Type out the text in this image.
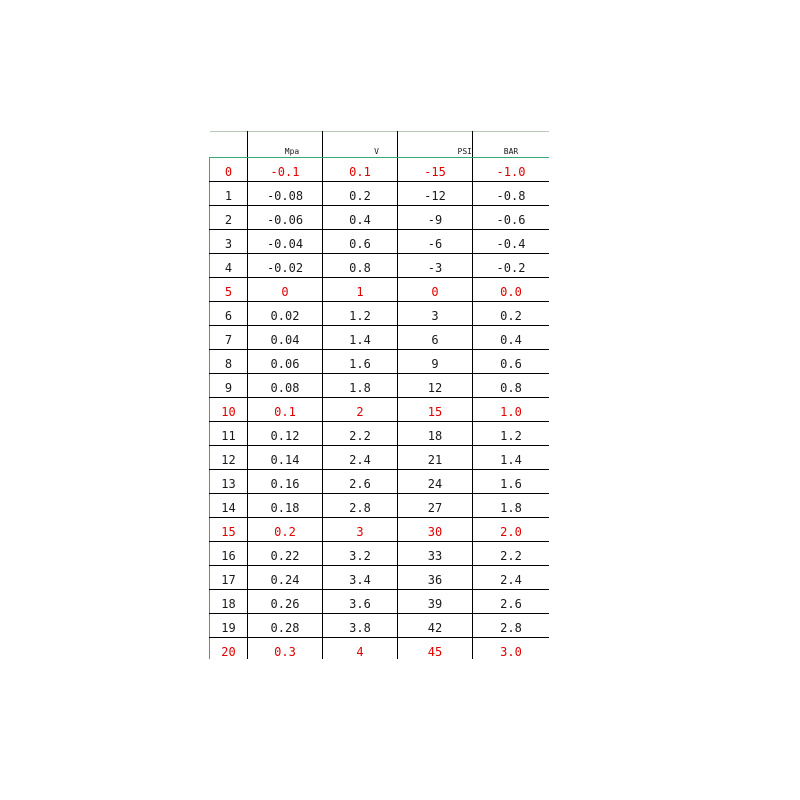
	Mpa	V	PSI	BAR
0	-0.1	0.1	-15	-1.0
1	-0.08	0.2	-12	-0.8
2	-0.06	0.4	-9	-0.6
3	-0.04	0.6	-6	-0.4
4	-0.02	0.8	-3	-0.2
5	0	1	0	0.0
6	0.02	1.2	3	0.2
7	0.04	1.4	6	0.4
8	0.06	1.6	9	0.6
9	0.08	1.8	12	0.8
10	0.1	2	15	1.0
11	0.12	2.2	18	1.2
12	0.14	2.4	21	1.4
13	0.16	2.6	24	1.6
14	0.18	2.8	27	1.8
15	0.2	3	30	2.0
16	0.22	3.2	33	2.2
17	0.24	3.4	36	2.4
18	0.26	3.6	39	2.6
19	0.28	3.8	42	2.8
20	0.3	4	45	3.0
